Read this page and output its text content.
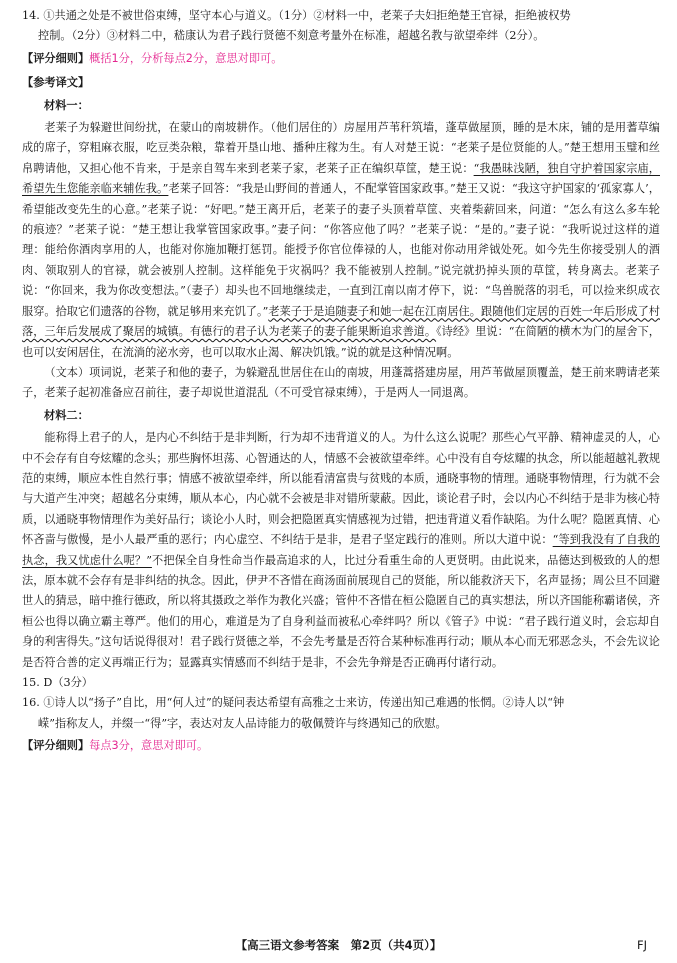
14. ①共通之处是不被世俗束缚，坚守本心与道义。（1分）②材料一中，老莱子夫妇拒绝楚王官禄，拒绝被权势

控制。（2分）③材料二中，嵇康认为君子践行贤德不刻意考量外在标准，超越名教与欲望牵绊（2分）。

【评分细则】概括1分，分析每点2分，意思对即可。

【参考译文】

材料一：

老莱子为躲避世间纷扰，在蒙山的南坡耕作。（他们居住的）房屋用芦苇秆筑墙，蓬草做屋顶，睡的是木床，铺的是用蓍草编成的席子，穿粗麻衣服，吃豆类杂粮，靠着开垦山地、播种庄稼为生。有人对楚王说：“老莱子是位贤能的人。”楚王想用玉璧和丝帛聘请他，又担心他不肯来，于是亲自驾车来到老莱子家，老莱子正在编织草筐，楚王说：“我愚昧浅陋，独自守护着国家宗庙，希望先生您能亲临来辅佐我。”老莱子回答：“我是山野间的普通人，不配掌管国家政事。”楚王又说：“我这守护国家的‘孤家寡人’，希望能改变先生的心意。”老莱子说：“好吧。”楚王离开后，老莱子的妻子头顶着草筐、夹着柴薪回来，问道：“怎么有这么多车轮的痕迹？”老莱子说：“楚王想让我掌管国家政事。”妻子问：“你答应他了吗？”老莱子说：“是的。”妻子说：“我听说过这样的道理：能给你酒肉享用的人，也能对你施加鞭打惩罚。能授予你官位俸禄的人，也能对你动用斧钺处死。如今先生你接受别人的酒肉、领取别人的官禄，就会被别人控制。这样能免于灾祸吗？我不能被别人控制。”说完就扔掉头顶的草筐，转身离去。老莱子说：“你回来，我为你改变想法。”（妻子）却头也不回地继续走，一直到江南以南才停下，说：“鸟兽脱落的羽毛，可以捡来织成衣服穿。拾取它们遗落的谷物，就足够用来充饥了。”老莱子于是追随妻子和她一起在江南居住。跟随他们定居的百姓一年后形成了村落，三年后发展成了聚居的城镇。有德行的君子认为老莱子的妻子能果断追求善道。《诗经》里说：“在简陋的横木为门的屋舍下，也可以安闲居住，在流淌的泌水旁，也可以取水止渴、解决饥饿。”说的就是这种情况啊。

（文本）项词说，老莱子和他的妻子，为躲避乱世居住在山的南坡，用蓬蒿搭建房屋，用芦苇做屋顶覆盖，楚王前来聘请老莱子，老莱子起初准备应召前往，妻子却说世道混乱（不可受官禄束缚），于是两人一同退离。

材料二：

能称得上君子的人，是内心不纠结于是非判断，行为却不违背道义的人。为什么这么说呢？那些心气平静、精神虚灵的人，心中不会存有自夸炫耀的念头；那些胸怀坦荡、心智通达的人，情感不会被欲望牵绊。心中没有自夸炫耀的执念，所以能超越礼教规范的束缚，顺应本性自然行事；情感不被欲望牵绊，所以能看清富贵与贫贱的本质，通晓事物的情理。通晓事物情理，行为就不会与大道产生冲突；超越名分束缚，顺从本心，内心就不会被是非对错所蒙蔽。因此，谈论君子时，会以内心不纠结于是非为核心特质，以通晓事物情理作为美好品行；谈论小人时，则会把隐匿真实情感视为过错，把违背道义看作缺陷。为什么呢？隐匿真情、心怀吝啬与傲慢，是小人最严重的恶行；内心虚空、不纠结于是非，是君子坚定践行的准则。所以大道中说：“等到我没有了自我的执念，我又忧虑什么呢？”不把保全自身性命当作最高追求的人，比过分看重生命的人更贤明。由此说来，品德达到极致的人的想法，原本就不会存有是非纠结的执念。因此，伊尹不吝惜在商汤面前展现自己的贤能，所以能救济天下，名声显扬；周公旦不回避世人的猜忌，暗中推行德政，所以将其摄政之举作为教化兴盛；管仲不吝惜在桓公隐匿自己的真实想法，所以齐国能称霸诸侯，齐桓公也得以确立霸主尊严。他们的用心，难道是为了自身利益而被私心牵绊吗？所以《管子》中说：“君子践行道义时，会忘却自身的利害得失。”这句话说得很对！君子践行贤德之举，不会先考量是否符合某种标准再行动；顺从本心而无邪恶念头，不会先议论是否符合善的定义再端正行为；显露真实情感而不纠结于是非，不会先争辩是否正确再付诸行动。

15. D（3分）

16. ①诗人以“扬子”自比，用“何人过”的疑问表达希望有高雅之士来访，传递出知己难遇的怅惘。②诗人以“钟

嵘”指称友人，并缀一“得”字，表达对友人品诗能力的敬佩赞许与终遇知己的欣慰。

【评分细则】每点3分，意思对即可。

【高三语文参考答案　第2页（共4页）】	FJ
